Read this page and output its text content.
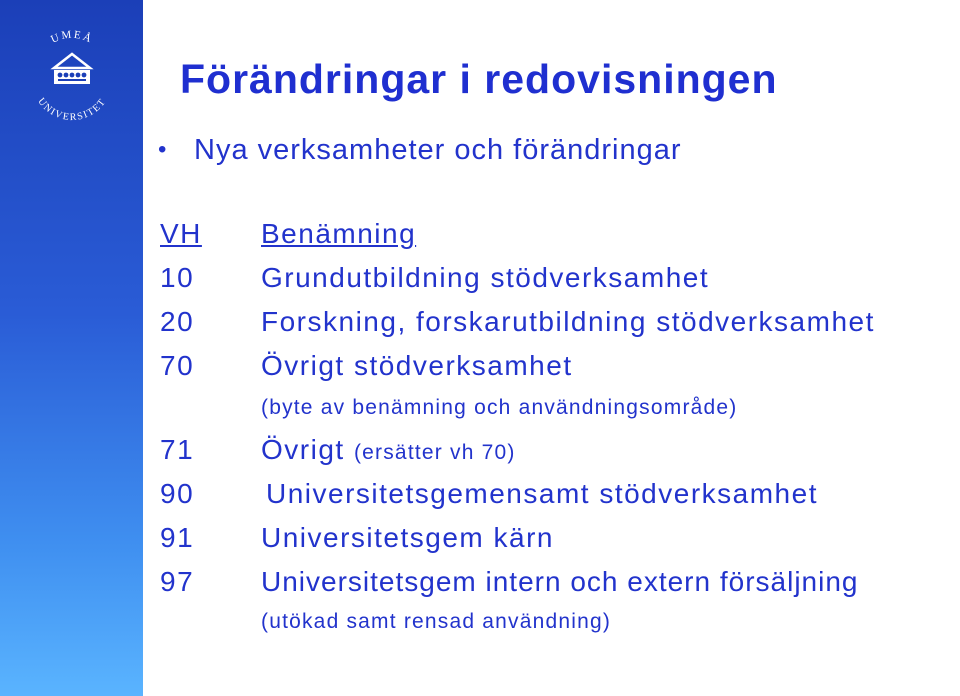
UMEÅ
UNIVERSITET
Förändringar i redovisningen
• Nya verksamheter och förändringar
VH Benämning
10 Grundutbildning stödverksamhet
20 Forskning, forskarutbildning stödverksamhet
70 Övrigt stödverksamhet
(byte av benämning och användningsområde)
71 Övrigt (ersätter vh 70)
90	Universitetsgemensamt stödverksamhet
91 Universitetsgem kärn
97 Universitetsgem intern och extern försäljning
(utökad samt rensad användning)
